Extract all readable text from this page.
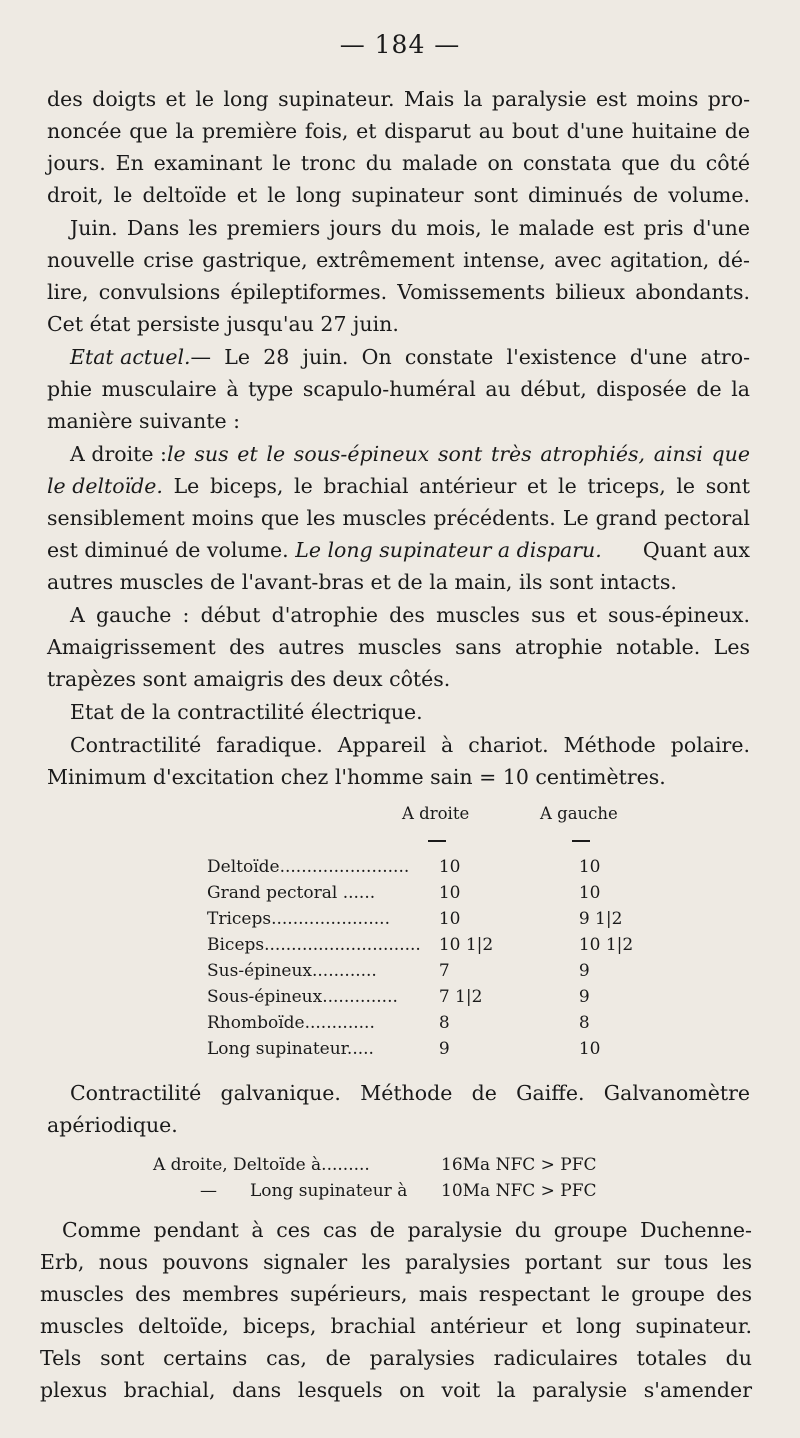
— 184 —
des doigts et le long supinateur. Mais la paralysie est moins pro-
noncée que la première fois, et disparut au bout d'une huitaine de
jours. En examinant le tronc du malade on constata que du côté
droit, le deltoïde et le long supinateur sont diminués de volume.
Juin. Dans les premiers jours du mois, le malade est pris d'une
nouvelle crise gastrique, extrêmement intense, avec agitation, dé-
lire, convulsions épileptiformes. Vomissements bilieux abondants.
Cet état persiste jusqu'au 27 juin.
Etat actuel. — Le 28 juin. On constate l'existence d'une atro-
phie musculaire à type scapulo-huméral au début, disposée de la
manière suivante :
A droite : le sus et le sous-épineux sont très atrophiés, ainsi que
le deltoïde. Le biceps, le brachial antérieur et le triceps, le sont
sensiblement moins que les muscles précédents. Le grand pectoral
est diminué de volume. Le long supinateur a disparu.	Quant aux
autres muscles de l'avant-bras et de la main, ils sont intacts.
A gauche : début d'atrophie des muscles sus et sous-épineux.
Amaigrissement des autres muscles sans atrophie notable. Les
trapèzes sont amaigris des deux côtés.
Etat de la contractilité électrique.
Contractilité faradique. Appareil à chariot. Méthode polaire.
Minimum d'excitation chez l'homme sain = 10 centimètres.
A droite	A gauche
Deltoïde........................	10	10
Grand pectoral ......	10	10
Triceps......................	10	9 1|2
Biceps.............................	10 1|2	10 1|2
Sus-épineux............	7	9
Sous-épineux..............	7 1|2	9
Rhomboïde.............	8	8
Long supinateur.....	9	10
Contractilité galvanique. Méthode de Gaiffe. Galvanomètre
apériodique.
A droite, Deltoïde à.........	16Ma NFC > PFC
— Long supinateur à 10Ma NFC > PFC
Comme pendant à ces cas de paralysie du groupe Duchenne-
Erb, nous pouvons signaler les paralysies portant sur tous les
muscles des membres supérieurs, mais respectant le groupe des
muscles deltoïde, biceps, brachial antérieur et long supinateur.
Tels sont certains cas, de paralysies radiculaires totales du
plexus brachial, dans lesquels on voit la paralysie s'amender
